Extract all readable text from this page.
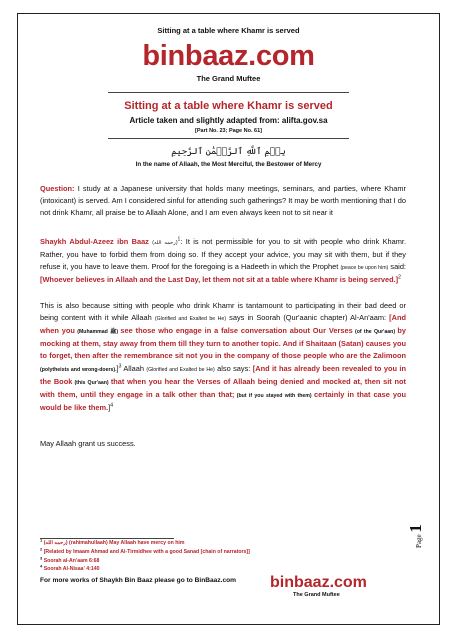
Sitting at a table where Khamr is served
binbaaz.com
The Grand Muftee
Sitting at a table where Khamr is served
Article taken and slightly adapted from: alifta.gov.sa
[Part No. 23; Page No. 61]
بِسۡمِ ٱللَّهِ ٱلرَّحۡمَٰنِ ٱلرَّحِيمِ
In the name of Allaah, the Most Merciful, the Bestower of Mercy
Question: I study at a Japanese university that holds many meetings, seminars, and parties, where Khamr (intoxicant) is served. Am I considered sinful for attending such gatherings? It may be worth mentioning that I do not drink Khamr, all praise be to Allaah Alone, and I am even always keen not to sit near it
Shaykh Abdul-Azeez ibn Baaz (رحمه الله)$^1$: It is not permissible for you to sit with people who drink Khamr. Rather, you have to forbid them from doing so. If they accept your advice, you may sit with them, but if they refuse it, you have to leave them. Proof for the foregoing is a Hadeeth in which the Prophet (peace be upon him) said: [Whoever believes in Allaah and the Last Day, let them not sit at a table where Khamr is being served.]$^2$
This is also because sitting with people who drink Khamr is tantamount to participating in their bad deed or being content with it while Allaah (Glorified and Exalted be He) says in Soorah (Qur'aanic chapter) Al-An'aam: [And when you (Muhammad ﷺ) see those who engage in a false conversation about Our Verses (of the Qur'aan) by mocking at them, stay away from them till they turn to another topic. And if Shaitaan (Satan) causes you to forget, then after the remembrance sit not you in the company of those people who are the Zalimoon (polytheists and wrong-doers).]$^3$ Allaah (Glorified and Exalted be He) also says: [And it has already been revealed to you in the Book (this Qur'aan) that when you hear the Verses of Allaah being denied and mocked at, then sit not with them, until they engage in a talk other than that; (but if you stayed with them) certainly in that case you would be like them.]$^4$
May Allaah grant us success.
$^1$ (رحمه الله) (rahimahullaah) May Allaah have mercy on him
$^2$ [Related by Imaam Ahmad and Al-Tirmidhee with a good Sanad [chain of narrators]]
$^3$ Soorah al-An'aam 6:68
$^4$ Soorah Al-Nisaa' 4:140
For more works of Shaykh Bin Baaz please go to BinBaaz.com binbaaz.com
The Grand Muftee
Page 1
